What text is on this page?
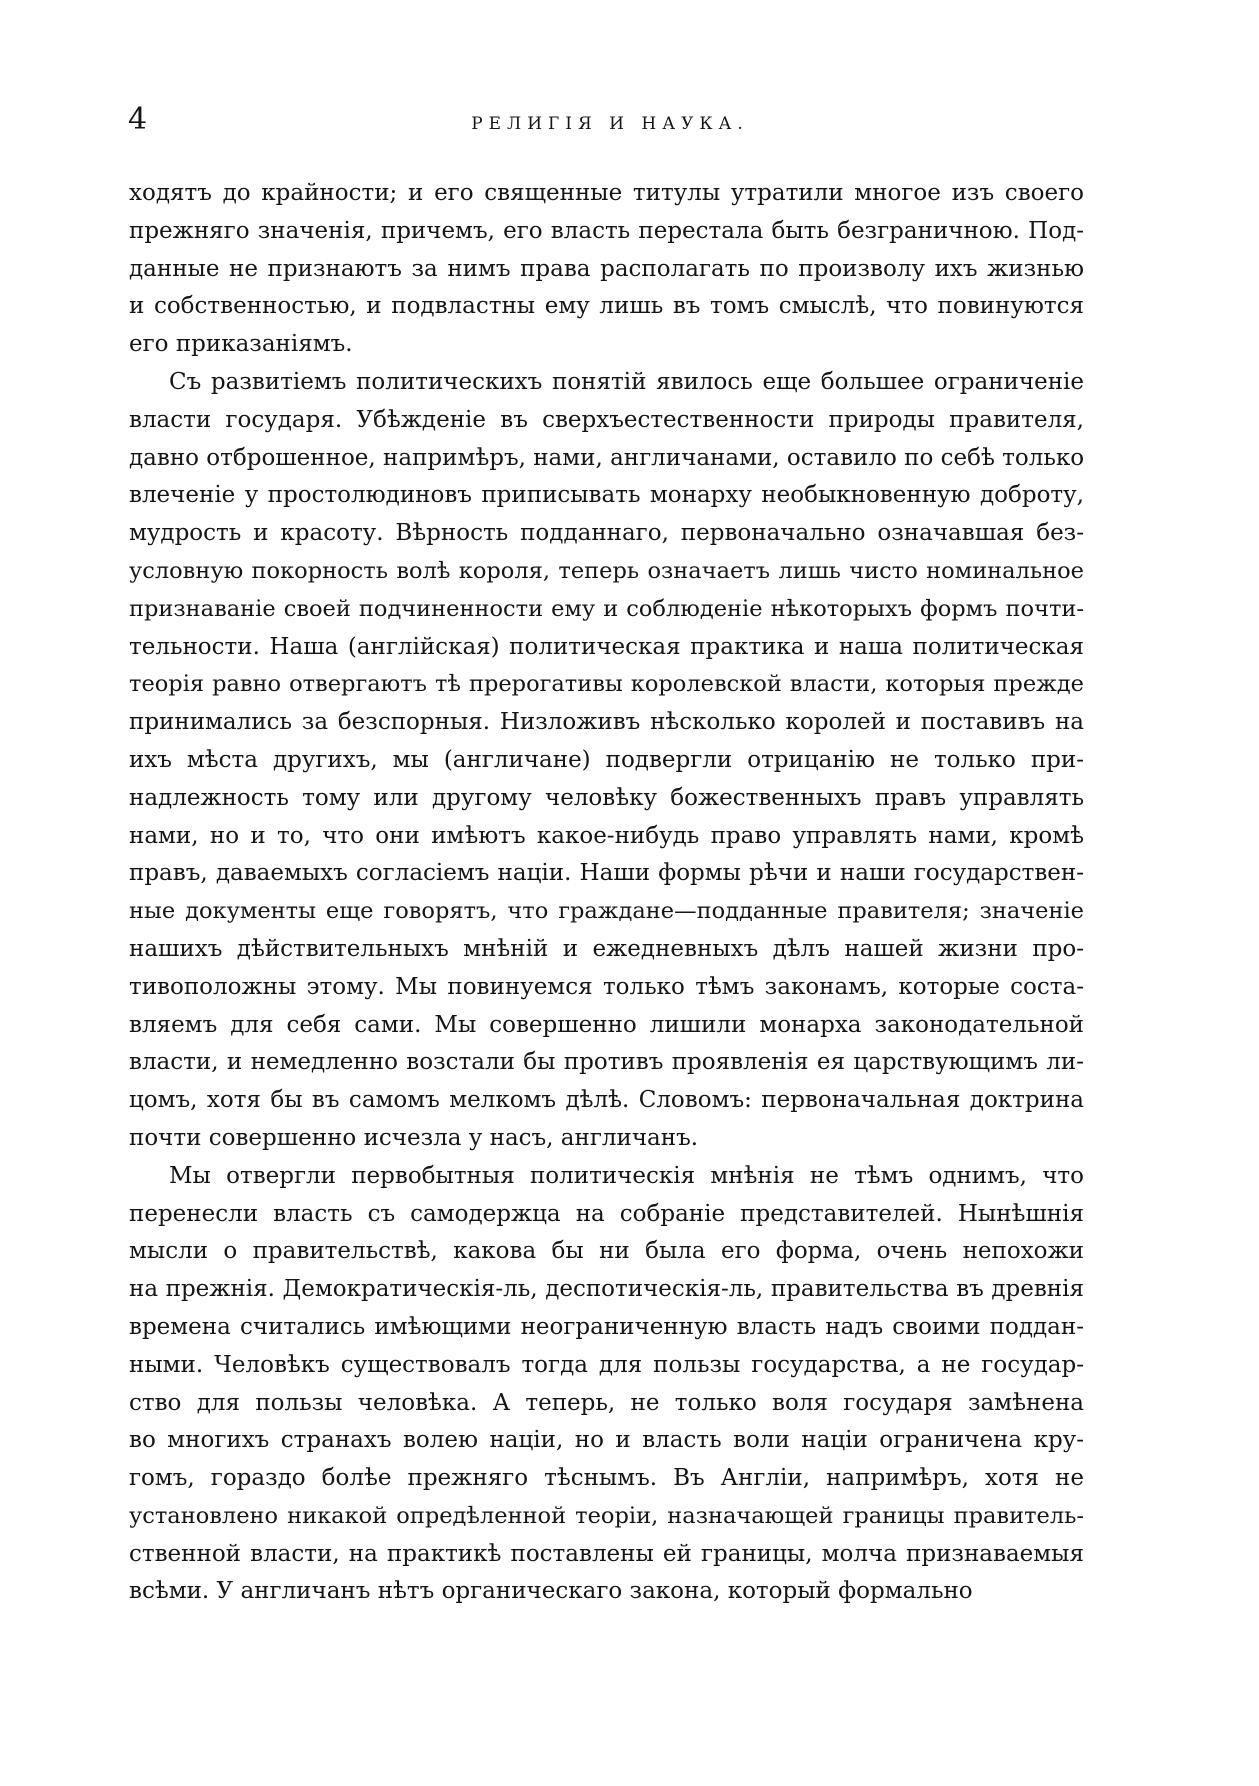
4	РЕЛИГІЯ И НАУКА.
ходятъ до крайности; и его священные титулы утратили многое изъ своего
прежняго значенія, причемъ, его власть перестала быть безграничною. Под-
данные не признаютъ за нимъ права располагать по произволу ихъ жизнью
и собственностью, и подвластны ему лишь въ томъ смыслѣ, что повинуются
его приказаніямъ.
Съ развитіемъ политическихъ понятій явилось еще большее ограниченіе
власти государя. Убѣжденіе въ сверхъестественности природы правителя,
давно отброшенное, напримѣръ, нами, англичанами, оставило по себѣ только
влеченіе у простолюдиновъ приписывать монарху необыкновенную доброту,
мудрость и красоту. Вѣрность подданнаго, первоначально означавшая без-
условную покорность волѣ короля, теперь означаетъ лишь чисто номинальное
признаваніе своей подчиненности ему и соблюденіе нѣкоторыхъ формъ почти-
тельности. Наша (англійская) политическая практика и наша политическая
теорія равно отвергаютъ тѣ прерогативы королевской власти, которыя прежде
принимались за безспорныя. Низложивъ нѣсколько королей и поставивъ на
ихъ мѣста другихъ, мы (англичане) подвергли отрицанію не только при-
надлежность тому или другому человѣку божественныхъ правъ управлять
нами, но и то, что они имѣютъ какое-нибудь право управлять нами, кромѣ
правъ, даваемыхъ согласіемъ націи. Наши формы рѣчи и наши государствен-
ные документы еще говорятъ, что граждане—подданные правителя; значеніе
нашихъ дѣйствительныхъ мнѣній и ежедневныхъ дѣлъ нашей жизни про-
тивоположны этому. Мы повинуемся только тѣмъ законамъ, которые соста-
вляемъ для себя сами. Мы совершенно лишили монарха законодательной
власти, и немедленно возстали бы противъ проявленія ея царствующимъ ли-
цомъ, хотя бы въ самомъ мелкомъ дѣлѣ. Словомъ: первоначальная доктрина
почти совершенно исчезла у насъ, англичанъ.
Мы отвергли первобытныя политическія мнѣнія не тѣмъ однимъ, что
перенесли власть съ самодержца на собраніе представителей. Нынѣшнія
мысли о правительствѣ, какова бы ни была его форма, очень непохожи
на прежнія. Демократическія-ль, деспотическія-ль, правительства въ древнія
времена считались имѣющими неограниченную власть надъ своими поддан-
ными. Человѣкъ существовалъ тогда для пользы государства, а не государ-
ство для пользы человѣка. А теперь, не только воля государя замѣнена
во многихъ странахъ волею націи, но и власть воли націи ограничена кру-
гомъ, гораздо болѣе прежняго тѣснымъ. Въ Англіи, напримѣръ, хотя не
установлено никакой опредѣленной теоріи, назначающей границы правитель-
ственной власти, на практикѣ поставлены ей границы, молча признаваемыя
всѣми. У англичанъ нѣтъ органическаго закона, который формально
